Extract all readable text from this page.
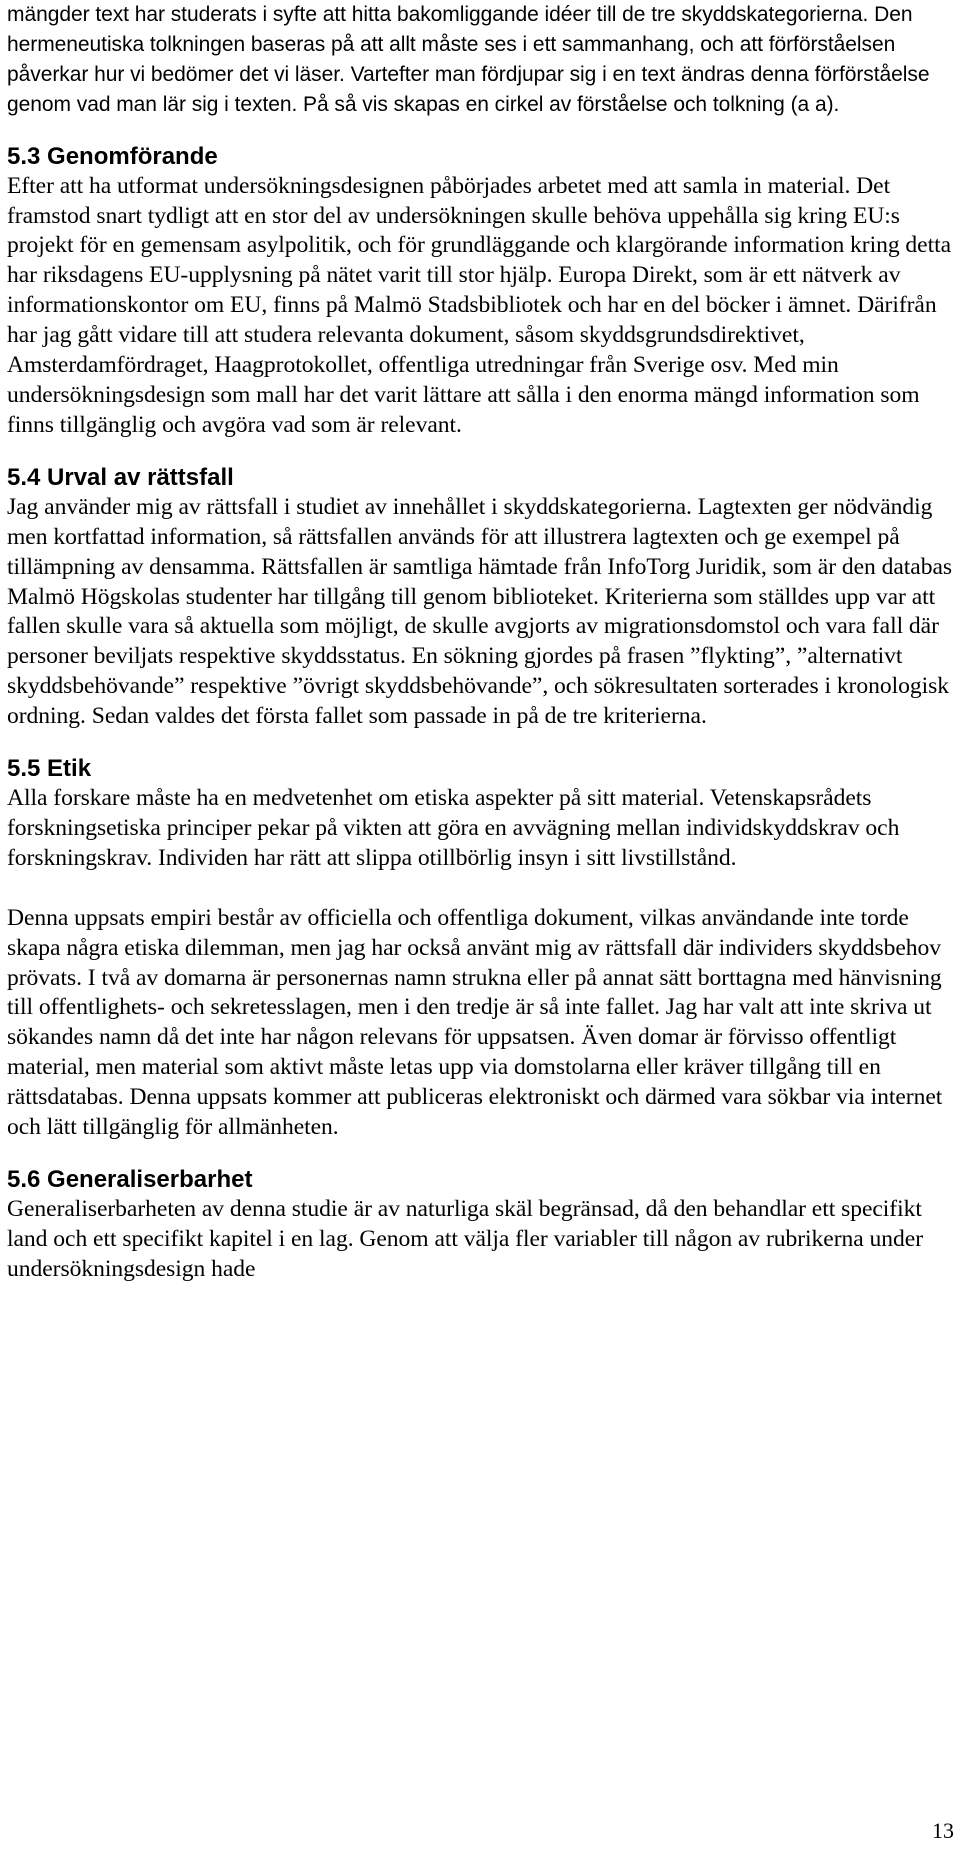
mängder text har studerats i syfte att hitta bakomliggande idéer till de tre skyddskategorierna. Den hermeneutiska tolkningen baseras på att allt måste ses i ett sammanhang, och att förförståelsen påverkar hur vi bedömer det vi läser. Vartefter man fördjupar sig i en text ändras denna förförståelse genom vad man lär sig i texten. På så vis skapas en cirkel av förståelse och tolkning (a a).

5.3 Genomförande

Efter att ha utformat undersökningsdesignen påbörjades arbetet med att samla in material. Det framstod snart tydligt att en stor del av undersökningen skulle behöva uppehålla sig kring EU:s projekt för en gemensam asylpolitik, och för grundläggande och klargörande information kring detta har riksdagens EU-upplysning på nätet varit till stor hjälp. Europa Direkt, som är ett nätverk av informationskontor om EU, finns på Malmö Stadsbibliotek och har en del böcker i ämnet. Därifrån har jag gått vidare till att studera relevanta dokument, såsom skyddsgrundsdirektivet, Amsterdamfördraget, Haagprotokollet, offentliga utredningar från Sverige osv. Med min undersökningsdesign som mall har det varit lättare att sålla i den enorma mängd information som finns tillgänglig och avgöra vad som är relevant.

5.4 Urval av rättsfall

Jag använder mig av rättsfall i studiet av innehållet i skyddskategorierna. Lagtexten ger nödvändig men kortfattad information, så rättsfallen används för att illustrera lagtexten och ge exempel på tillämpning av densamma. Rättsfallen är samtliga hämtade från InfoTorg Juridik, som är den databas Malmö Högskolas studenter har tillgång till genom biblioteket. Kriterierna som ställdes upp var att fallen skulle vara så aktuella som möjligt, de skulle avgjorts av migrationsdomstol och vara fall där personer beviljats respektive skyddsstatus. En sökning gjordes på frasen ”flykting”, ”alternativt skyddsbehövande” respektive ”övrigt skyddsbehövande”, och sökresultaten sorterades i kronologisk ordning. Sedan valdes det första fallet som passade in på de tre kriterierna.

5.5 Etik

Alla forskare måste ha en medvetenhet om etiska aspekter på sitt material. Vetenskapsrådets forskningsetiska principer pekar på vikten att göra en avvägning mellan individskyddskrav och forskningskrav. Individen har rätt att slippa otillbörlig insyn i sitt livstillstånd.

Denna uppsats empiri består av officiella och offentliga dokument, vilkas användande inte torde skapa några etiska dilemman, men jag har också använt mig av rättsfall där individers skyddsbehov prövats. I två av domarna är personernas namn strukna eller på annat sätt borttagna med hänvisning till offentlighets- och sekretesslagen, men i den tredje är så inte fallet. Jag har valt att inte skriva ut sökandes namn då det inte har någon relevans för uppsatsen. Även domar är förvisso offentligt material, men material som aktivt måste letas upp via domstolarna eller kräver tillgång till en rättsdatabas. Denna uppsats kommer att publiceras elektroniskt och därmed vara sökbar via internet och lätt tillgänglig för allmänheten.

5.6 Generaliserbarhet

Generaliserbarheten av denna studie är av naturliga skäl begränsad, då den behandlar ett specifikt land och ett specifikt kapitel i en lag. Genom att välja fler variabler till någon av rubrikerna under undersökningsdesign hade

13
